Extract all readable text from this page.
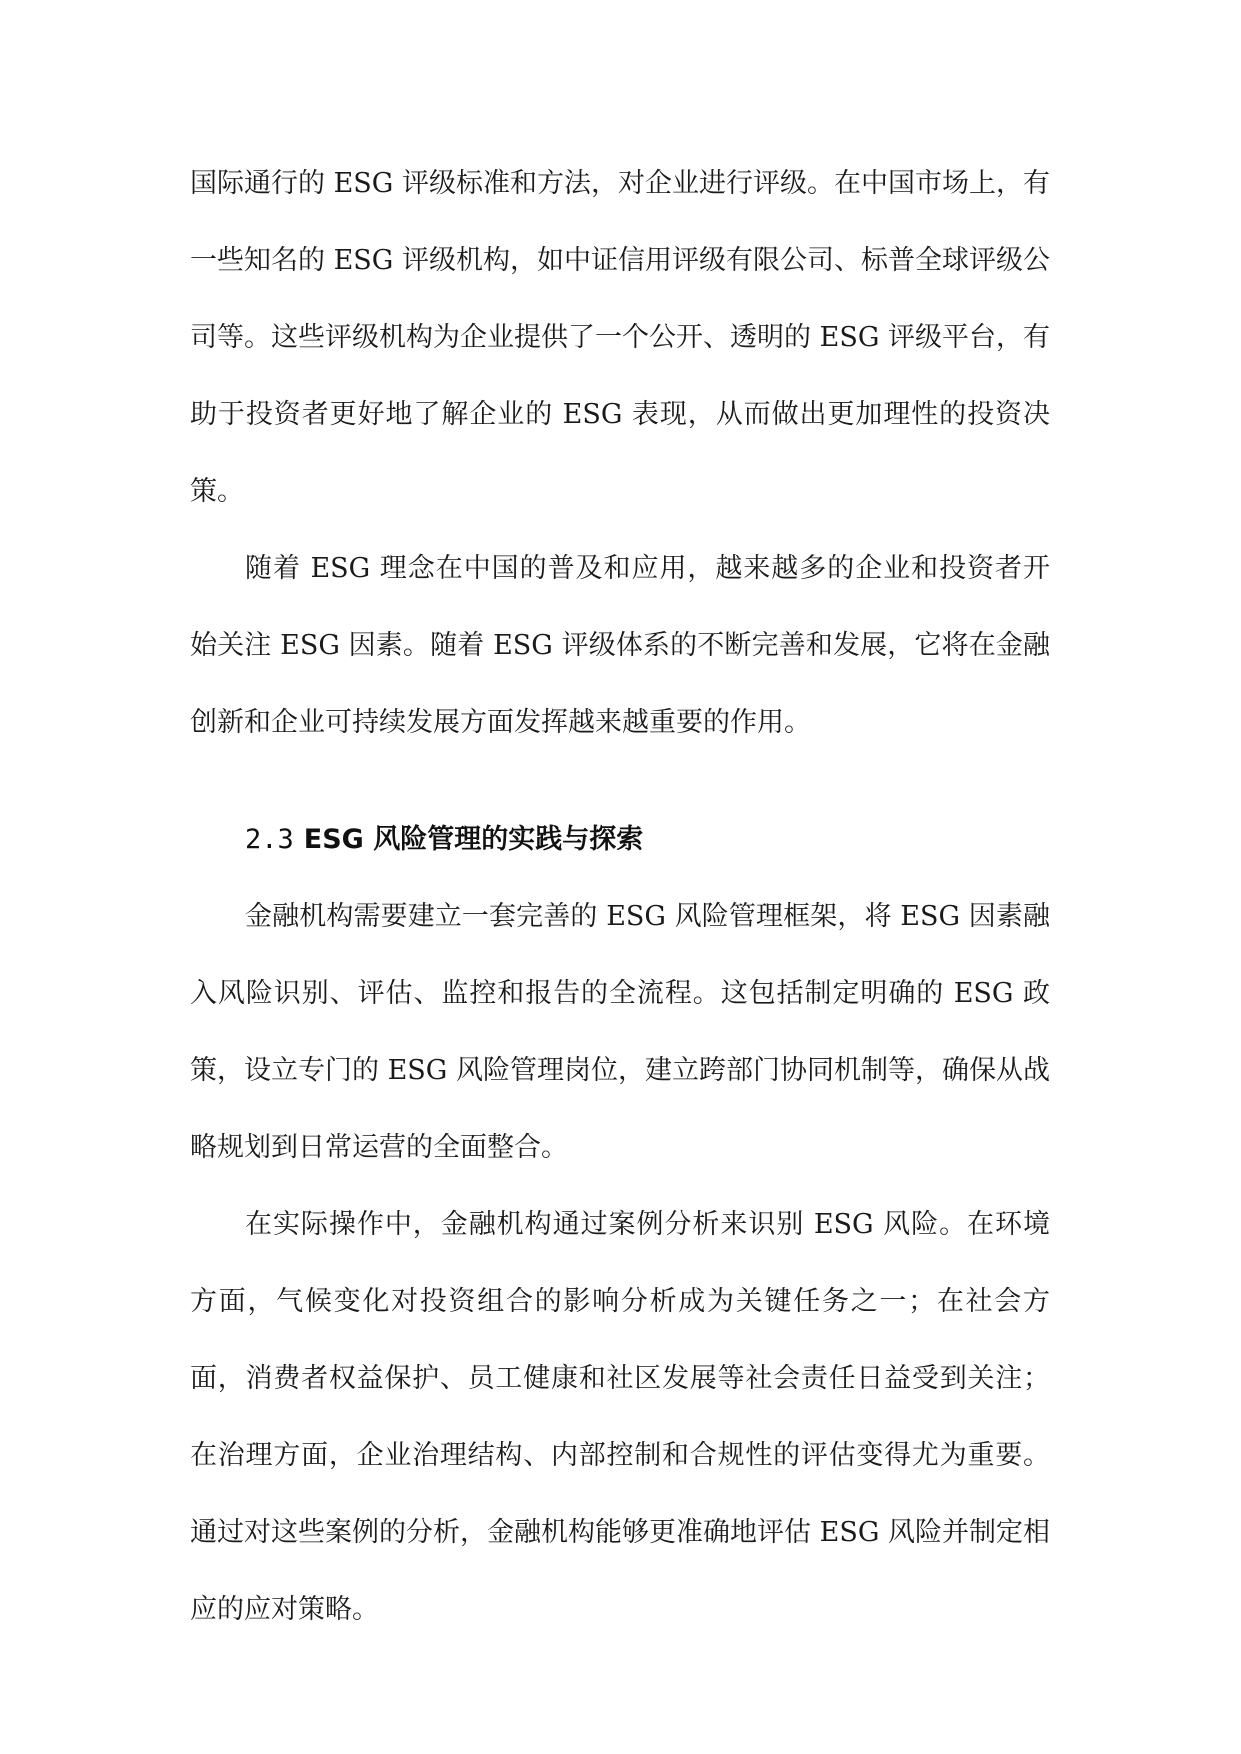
国际通行的 ESG 评级标准和方法，对企业进行评级。在中国市场上，有一些知名的 ESG 评级机构，如中证信用评级有限公司、标普全球评级公司等。这些评级机构为企业提供了一个公开、透明的 ESG 评级平台，有助于投资者更好地了解企业的 ESG 表现，从而做出更加理性的投资决策。

随着 ESG 理念在中国的普及和应用，越来越多的企业和投资者开始关注 ESG 因素。随着 ESG 评级体系的不断完善和发展，它将在金融创新和企业可持续发展方面发挥越来越重要的作用。

2.3 ESG 风险管理的实践与探索

金融机构需要建立一套完善的 ESG 风险管理框架，将 ESG 因素融入风险识别、评估、监控和报告的全流程。这包括制定明确的 ESG 政策，设立专门的 ESG 风险管理岗位，建立跨部门协同机制等，确保从战略规划到日常运营的全面整合。

在实际操作中，金融机构通过案例分析来识别 ESG 风险。在环境方面，气候变化对投资组合的影响分析成为关键任务之一；在社会方面，消费者权益保护、员工健康和社区发展等社会责任日益受到关注；在治理方面，企业治理结构、内部控制和合规性的评估变得尤为重要。通过对这些案例的分析，金融机构能够更准确地评估 ESG 风险并制定相应的应对策略。
